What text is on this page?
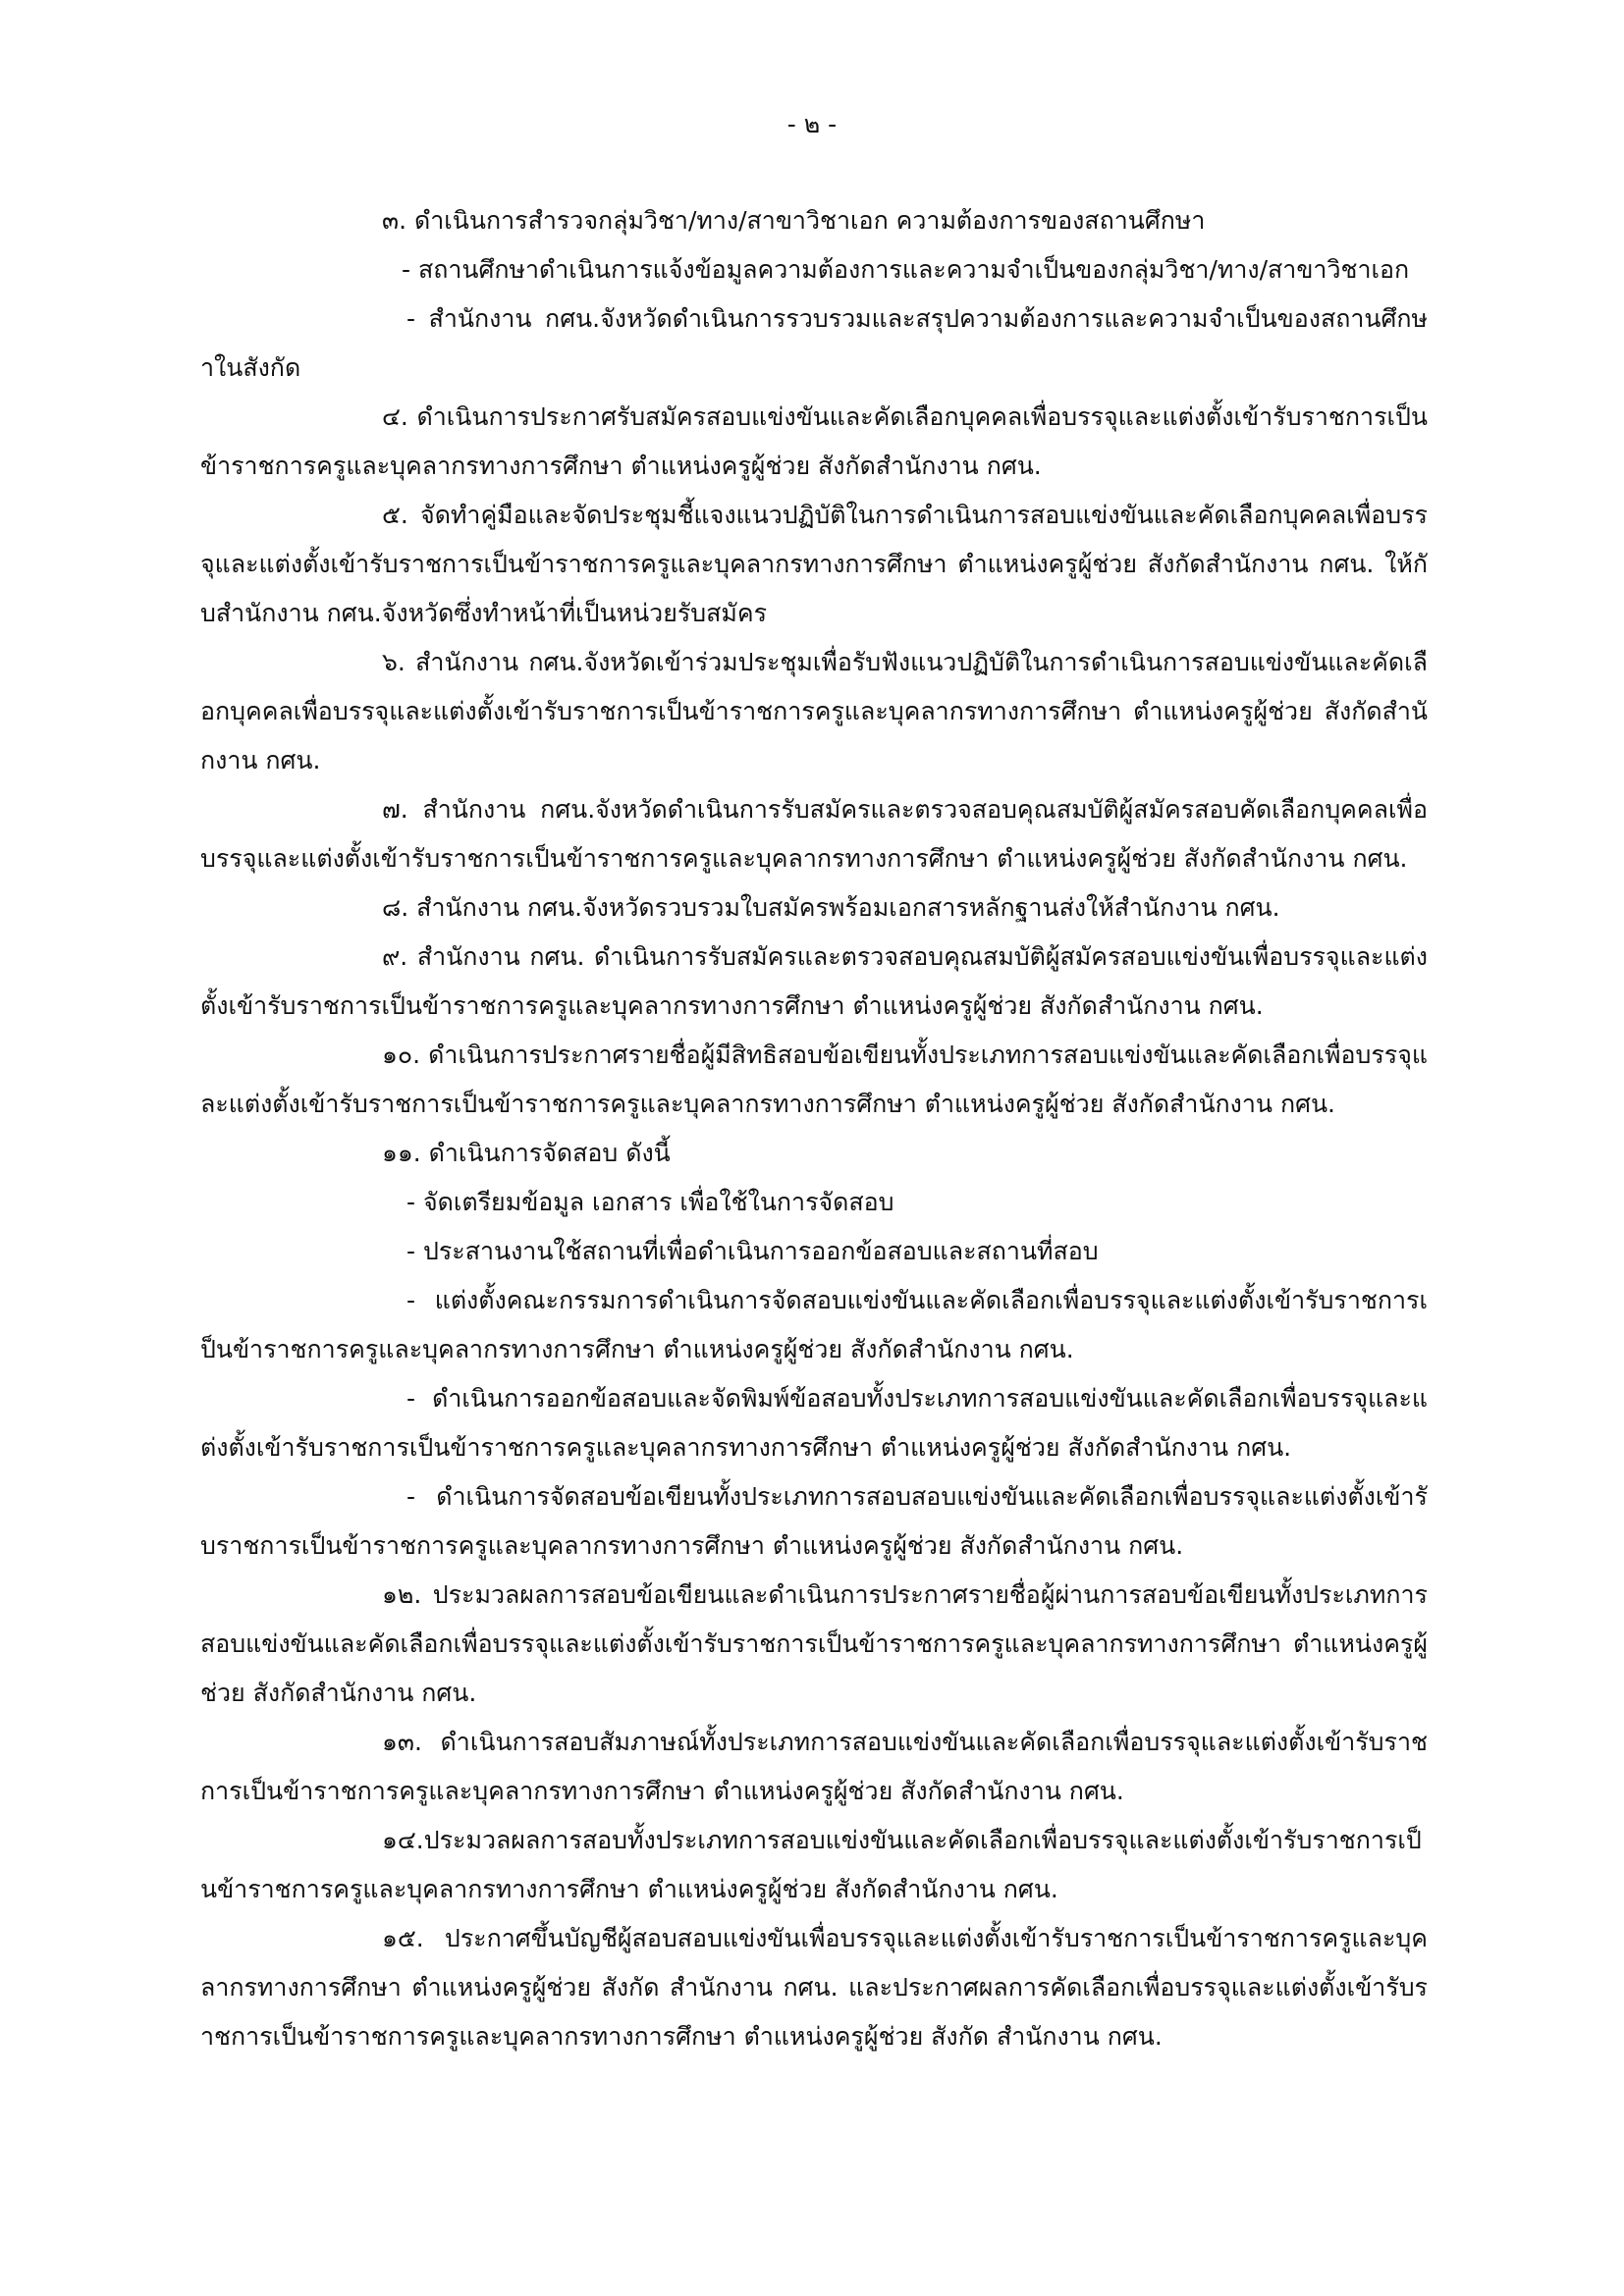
- ๒ -

๓. ดำเนินการสำรวจกลุ่มวิชา/ทาง/สาขาวิชาเอก ความต้องการของสถานศึกษา

- สถานศึกษาดำเนินการแจ้งข้อมูลความต้องการและความจำเป็นของกลุ่มวิชา/ทาง/สาขาวิชาเอก

- สำนักงาน กศน.จังหวัดดำเนินการรวบรวมและสรุปความต้องการและความจำเป็นของสถานศึกษาในสังกัด

๔. ดำเนินการประกาศรับสมัครสอบแข่งขันและคัดเลือกบุคคลเพื่อบรรจุและแต่งตั้งเข้ารับราชการเป็นข้าราชการครูและบุคลากรทางการศึกษา ตำแหน่งครูผู้ช่วย สังกัดสำนักงาน กศน.

๕. จัดทำคู่มือและจัดประชุมชี้แจงแนวปฏิบัติในการดำเนินการสอบแข่งขันและคัดเลือกบุคคลเพื่อบรรจุและแต่งตั้งเข้ารับราชการเป็นข้าราชการครูและบุคลากรทางการศึกษา ตำแหน่งครูผู้ช่วย สังกัดสำนักงาน กศน. ให้กับสำนักงาน กศน.จังหวัดซึ่งทำหน้าที่เป็นหน่วยรับสมัคร

๖. สำนักงาน กศน.จังหวัดเข้าร่วมประชุมเพื่อรับฟังแนวปฏิบัติในการดำเนินการสอบแข่งขันและคัดเลือกบุคคลเพื่อบรรจุและแต่งตั้งเข้ารับราชการเป็นข้าราชการครูและบุคลากรทางการศึกษา ตำแหน่งครูผู้ช่วย สังกัดสำนักงาน กศน.

๗. สำนักงาน กศน.จังหวัดดำเนินการรับสมัครและตรวจสอบคุณสมบัติผู้สมัครสอบคัดเลือกบุคคลเพื่อบรรจุและแต่งตั้งเข้ารับราชการเป็นข้าราชการครูและบุคลากรทางการศึกษา ตำแหน่งครูผู้ช่วย สังกัดสำนักงาน กศน.

๘. สำนักงาน กศน.จังหวัดรวบรวมใบสมัครพร้อมเอกสารหลักฐานส่งให้สำนักงาน กศน.

๙. สำนักงาน กศน. ดำเนินการรับสมัครและตรวจสอบคุณสมบัติผู้สมัครสอบแข่งขันเพื่อบรรจุและแต่งตั้งเข้ารับราชการเป็นข้าราชการครูและบุคลากรทางการศึกษา ตำแหน่งครูผู้ช่วย สังกัดสำนักงาน กศน.

๑๐. ดำเนินการประกาศรายชื่อผู้มีสิทธิสอบข้อเขียนทั้งประเภทการสอบแข่งขันและคัดเลือกเพื่อบรรจุและแต่งตั้งเข้ารับราชการเป็นข้าราชการครูและบุคลากรทางการศึกษา ตำแหน่งครูผู้ช่วย สังกัดสำนักงาน กศน.

๑๑. ดำเนินการจัดสอบ ดังนี้

- จัดเตรียมข้อมูล เอกสาร เพื่อใช้ในการจัดสอบ

- ประสานงานใช้สถานที่เพื่อดำเนินการออกข้อสอบและสถานที่สอบ

- แต่งตั้งคณะกรรมการดำเนินการจัดสอบแข่งขันและคัดเลือกเพื่อบรรจุและแต่งตั้งเข้ารับราชการเป็นข้าราชการครูและบุคลากรทางการศึกษา ตำแหน่งครูผู้ช่วย สังกัดสำนักงาน กศน.

- ดำเนินการออกข้อสอบและจัดพิมพ์ข้อสอบทั้งประเภทการสอบแข่งขันและคัดเลือกเพื่อบรรจุและแต่งตั้งเข้ารับราชการเป็นข้าราชการครูและบุคลากรทางการศึกษา ตำแหน่งครูผู้ช่วย สังกัดสำนักงาน กศน.

- ดำเนินการจัดสอบข้อเขียนทั้งประเภทการสอบสอบแข่งขันและคัดเลือกเพื่อบรรจุและแต่งตั้งเข้ารับราชการเป็นข้าราชการครูและบุคลากรทางการศึกษา ตำแหน่งครูผู้ช่วย สังกัดสำนักงาน กศน.

๑๒. ประมวลผลการสอบข้อเขียนและดำเนินการประกาศรายชื่อผู้ผ่านการสอบข้อเขียนทั้งประเภทการสอบแข่งขันและคัดเลือกเพื่อบรรจุและแต่งตั้งเข้ารับราชการเป็นข้าราชการครูและบุคลากรทางการศึกษา ตำแหน่งครูผู้ช่วย สังกัดสำนักงาน กศน.

๑๓. ดำเนินการสอบสัมภาษณ์ทั้งประเภทการสอบแข่งขันและคัดเลือกเพื่อบรรจุและแต่งตั้งเข้ารับราชการเป็นข้าราชการครูและบุคลากรทางการศึกษา ตำแหน่งครูผู้ช่วย สังกัดสำนักงาน กศน.

๑๔.ประมวลผลการสอบทั้งประเภทการสอบแข่งขันและคัดเลือกเพื่อบรรจุและแต่งตั้งเข้ารับราชการเป็นข้าราชการครูและบุคลากรทางการศึกษา ตำแหน่งครูผู้ช่วย สังกัดสำนักงาน กศน.

๑๕. ประกาศขึ้นบัญชีผู้สอบสอบแข่งขันเพื่อบรรจุและแต่งตั้งเข้ารับราชการเป็นข้าราชการครูและบุคลากรทางการศึกษา ตำแหน่งครูผู้ช่วย สังกัด สำนักงาน กศน. และประกาศผลการคัดเลือกเพื่อบรรจุและแต่งตั้งเข้ารับราชการเป็นข้าราชการครูและบุคลากรทางการศึกษา ตำแหน่งครูผู้ช่วย สังกัด สำนักงาน กศน.
